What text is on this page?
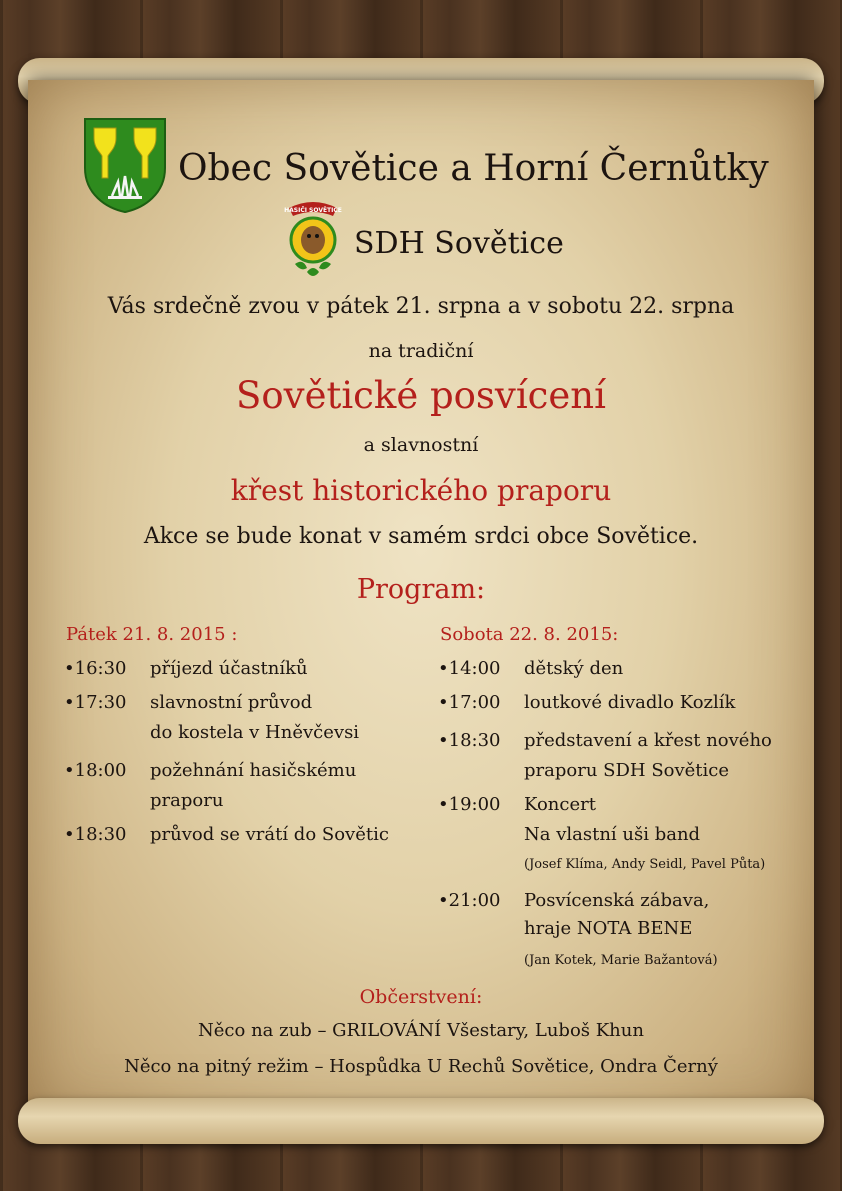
Obec Sovětice a Horní Černůtky
HASIČI SOVĚTICE
SDH Sovětice
Vás srdečně zvou v pátek 21. srpna a v sobotu 22. srpna
na tradiční
Sovětické posvícení
a slavnostní
křest historického praporu
Akce se bude konat v samém srdci obce Sovětice.
Program:
Pátek 21. 8. 2015 :
•16:30 příjezd účastníků
•17:30 slavnostní průvod
do kostela v Hněvčevsi
•18:00 požehnání hasičskému
praporu
•18:30 průvod se vrátí do Sovětic
Sobota 22. 8. 2015:
•14:00 dětský den
•17:00 loutkové divadlo Kozlík
•18:30 představení a křest nového
praporu SDH Sovětice
•19:00 Koncert
Na vlastní uši band
(Josef Klíma, Andy Seidl, Pavel Půta)
•21:00 Posvícenská zábava,
hraje NOTA BENE
(Jan Kotek, Marie Bažantová)
Občerstvení:
Něco na zub – GRILOVÁNÍ Všestary, Luboš Khun
Něco na pitný režim – Hospůdka U Rechů Sovětice, Ondra Černý
